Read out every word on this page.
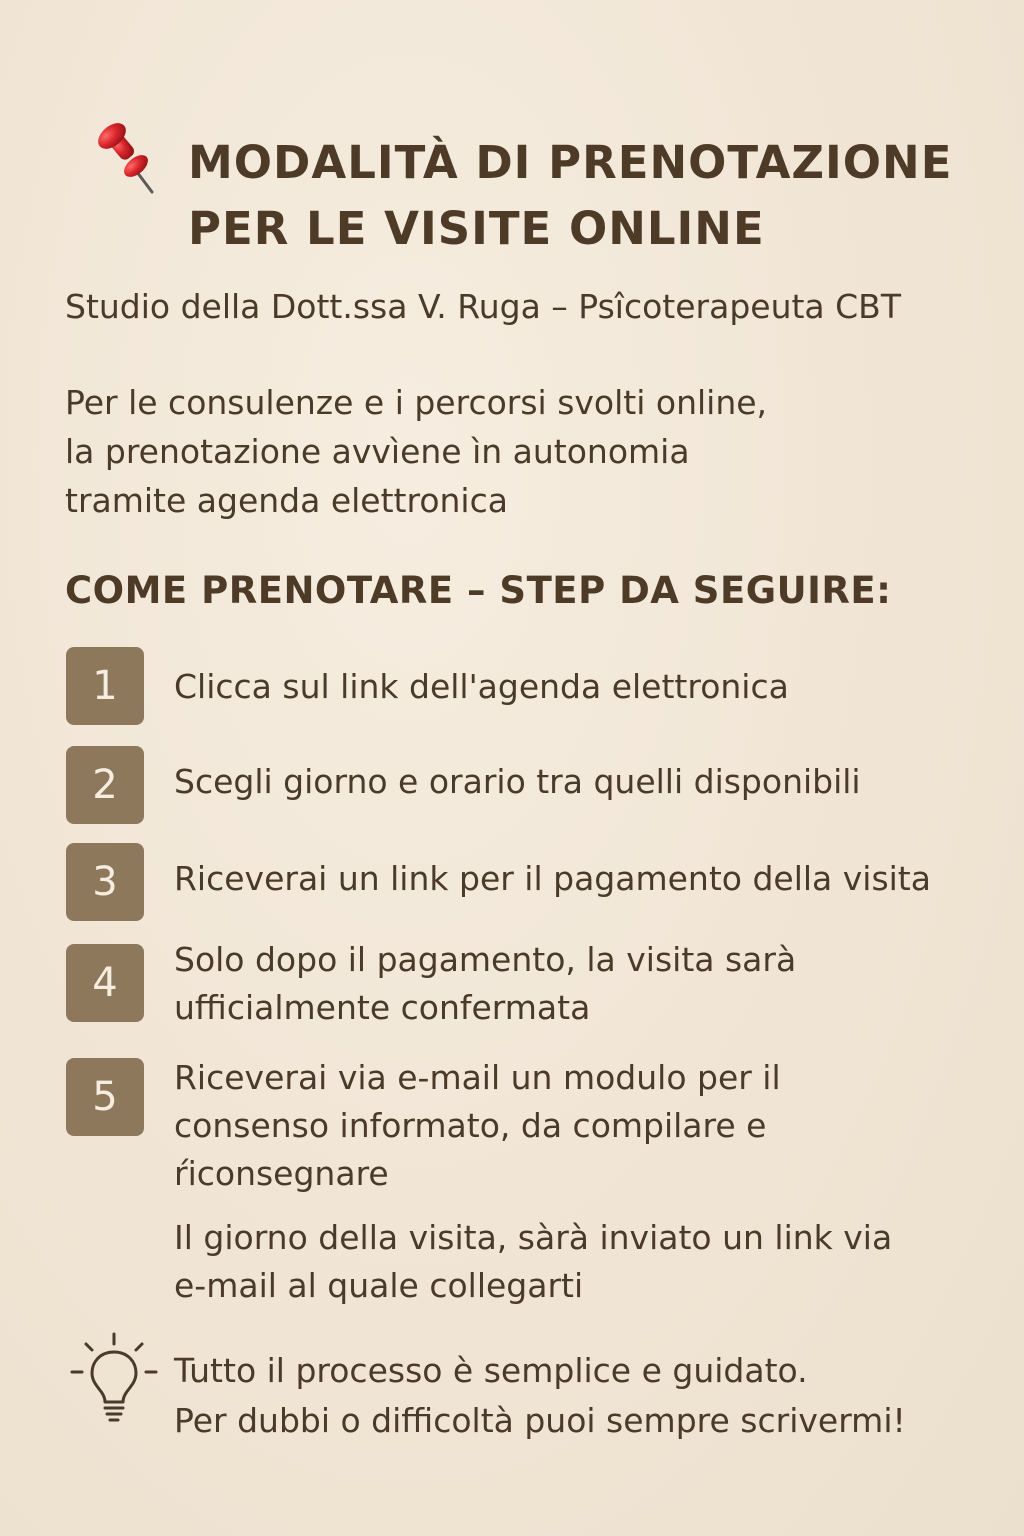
MODALITÀ DI PRENOTAZIONE
PER LE VISITE ONLINE
Studio della Dott.ssa V. Ruga – Psîcoterapeuta CBT
Per le consulenze e i percorsi svolti online,
la prenotazione avvìene ìn autonomia
tramite agenda elettronica
COME PRENOTARE – STEP DA SEGUIRE:
1	Clicca sul link dell'agenda elettronica
2	Scegli giorno e orario tra quelli disponibili
3	Riceverai un link per il pagamento della visita
4
Solo dopo il pagamento, la visita sarà
ufficialmente confermata
5	Riceverai via e-mail un modulo per il
consenso informato, da compilare e
ŕiconsegnare
Il giorno della visita, sàrà inviato un link via
e-mail al quale collegarti
Tutto il processo è semplice e guidato.
Per dubbi o difficoltà puoi sempre scrivermi!
